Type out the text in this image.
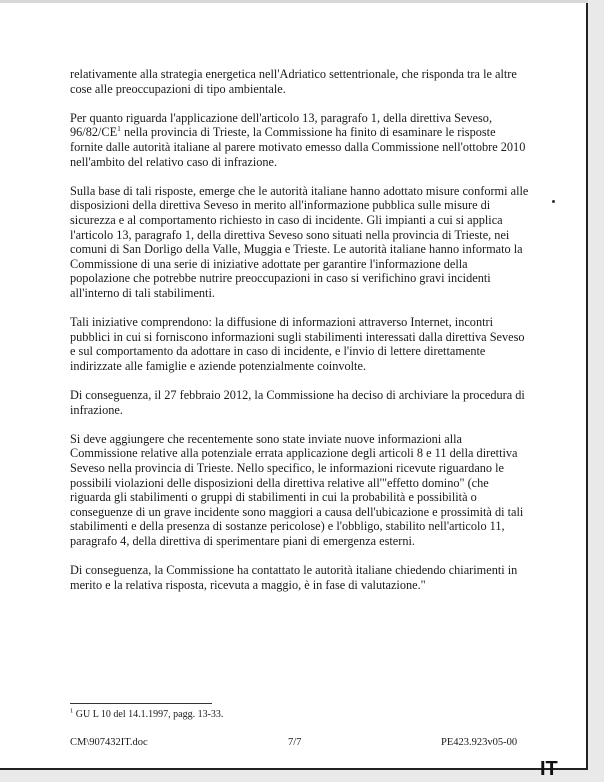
relativamente alla strategia energetica nell'Adriatico settentrionale, che risponda tra le altre cose alle preoccupazioni di tipo ambientale.

Per quanto riguarda l'applicazione dell'articolo 13, paragrafo 1, della direttiva Seveso, $96/82/CE^1$ nella provincia di Trieste, la Commissione ha finito di esaminare le risposte fornite dalle autorità italiane al parere motivato emesso dalla Commissione nell'ottobre 2010 nell'ambito del relativo caso di infrazione.

Sulla base di tali risposte, emerge che le autorità italiane hanno adottato misure conformi alle disposizioni della direttiva Seveso in merito all'informazione pubblica sulle misure di sicurezza e al comportamento richiesto in caso di incidente. Gli impianti a cui si applica l'articolo 13, paragrafo 1, della direttiva Seveso sono situati nella provincia di Trieste, nei comuni di San Dorligo della Valle, Muggia e Trieste. Le autorità italiane hanno informato la Commissione di una serie di iniziative adottate per garantire l'informazione della popolazione che potrebbe nutrire preoccupazioni in caso si verifichino gravi incidenti all'interno di tali stabilimenti.

Tali iniziative comprendono: la diffusione di informazioni attraverso Internet, incontri pubblici in cui si forniscono informazioni sugli stabilimenti interessati dalla direttiva Seveso e sul comportamento da adottare in caso di incidente, e l'invio di lettere direttamente indirizzate alle famiglie e aziende potenzialmente coinvolte.

Di conseguenza, il 27 febbraio 2012, la Commissione ha deciso di archiviare la procedura di infrazione.

Si deve aggiungere che recentemente sono state inviate nuove informazioni alla Commissione relative alla potenziale errata applicazione degli articoli 8 e 11 della direttiva Seveso nella provincia di Trieste. Nello specifico, le informazioni ricevute riguardano le possibili violazioni delle disposizioni della direttiva relative all'"effetto domino" (che riguarda gli stabilimenti o gruppi di stabilimenti in cui la probabilità e possibilità o conseguenze di un grave incidente sono maggiori a causa dell'ubicazione e prossimità di tali stabilimenti e della presenza di sostanze pericolose) e l'obbligo, stabilito nell'articolo 11, paragrafo 4, della direttiva di sperimentare piani di emergenza esterni.

Di conseguenza, la Commissione ha contattato le autorità italiane chiedendo chiarimenti in merito e la relativa risposta, ricevuta a maggio, è in fase di valutazione."

$^1$ GU L 10 del 14.1.1997, pagg. 13-33.
CM\907432IT.doc	7/7	PE423.923v05-00
IT
